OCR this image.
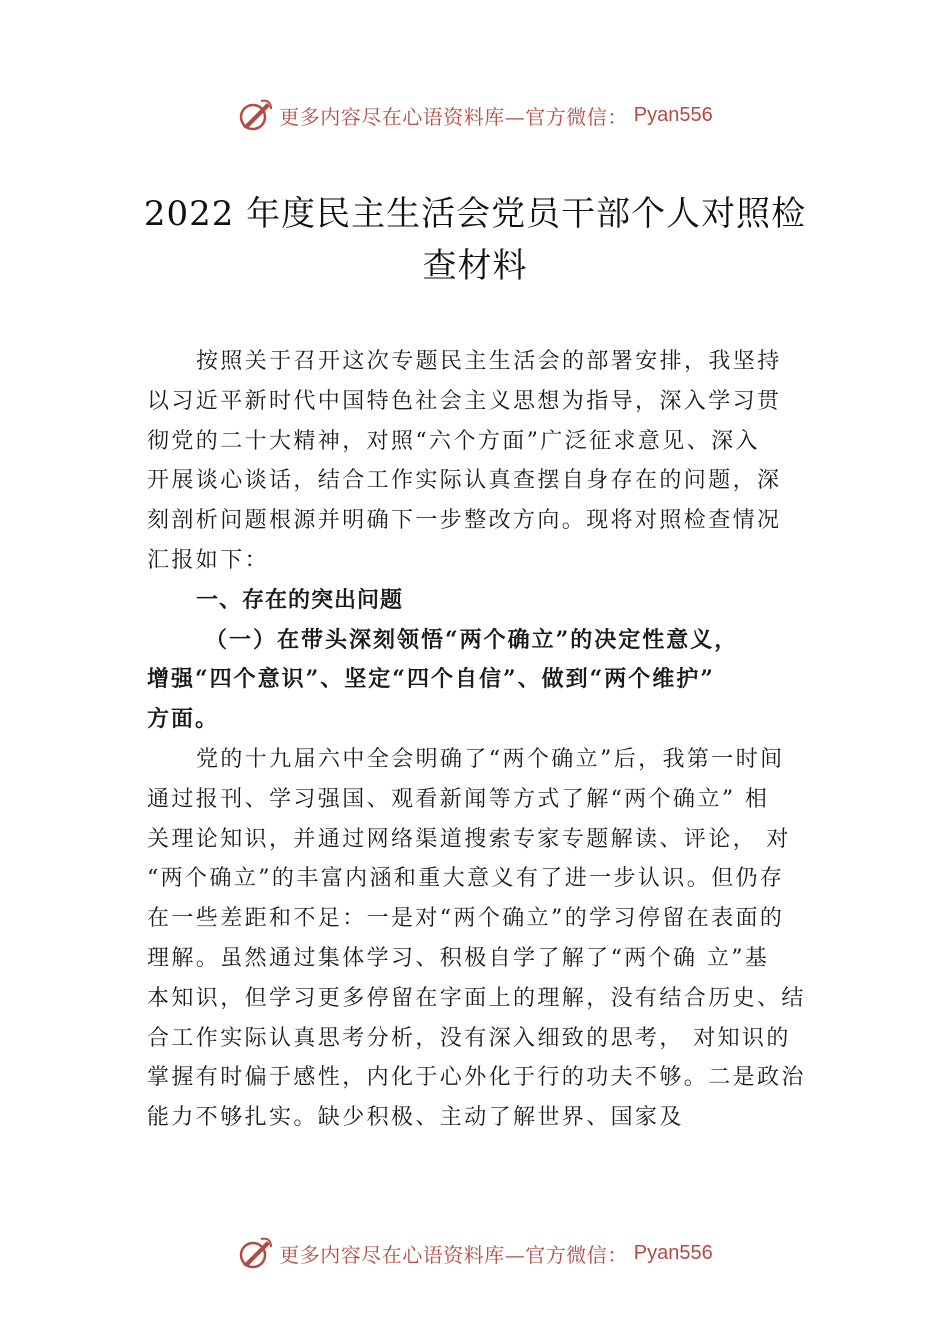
更多内容尽在心语资料库—官方微信： Pyan556
2022 年度民主生活会党员干部个人对照检
查材料
按照关于召开这次专题民主生活会的部署安排，我坚持
以习近平新时代中国特色社会主义思想为指导，深入学习贯
彻党的二十大精神，对照“六个方面”广泛征求意见、深入
开展谈心谈话，结合工作实际认真查摆自身存在的问题，深
刻剖析问题根源并明确下一步整改方向。现将对照检查情况
汇报如下：
一、存在的突出问题
（一）在带头深刻领悟“两个确立”的决定性意义，
增强“四个意识”、坚定“四个自信”、做到“两个维护”
方面。
党的十九届六中全会明确了“两个确立”后，我第一时间
通过报刊、学习强国、观看新闻等方式了解“两个确立” 相
关理论知识，并通过网络渠道搜索专家专题解读、评论， 对
“两个确立”的丰富内涵和重大意义有了进一步认识。但仍存
在一些差距和不足：一是对“两个确立”的学习停留在表面的
理解。虽然通过集体学习、积极自学了解了“两个确 立”基
本知识，但学习更多停留在字面上的理解，没有结合历史、结
合工作实际认真思考分析，没有深入细致的思考， 对知识的
掌握有时偏于感性，内化于心外化于行的功夫不够。二是政治
能力不够扎实。缺少积极、主动了解世界、国家及
更多内容尽在心语资料库—官方微信： Pyan556
